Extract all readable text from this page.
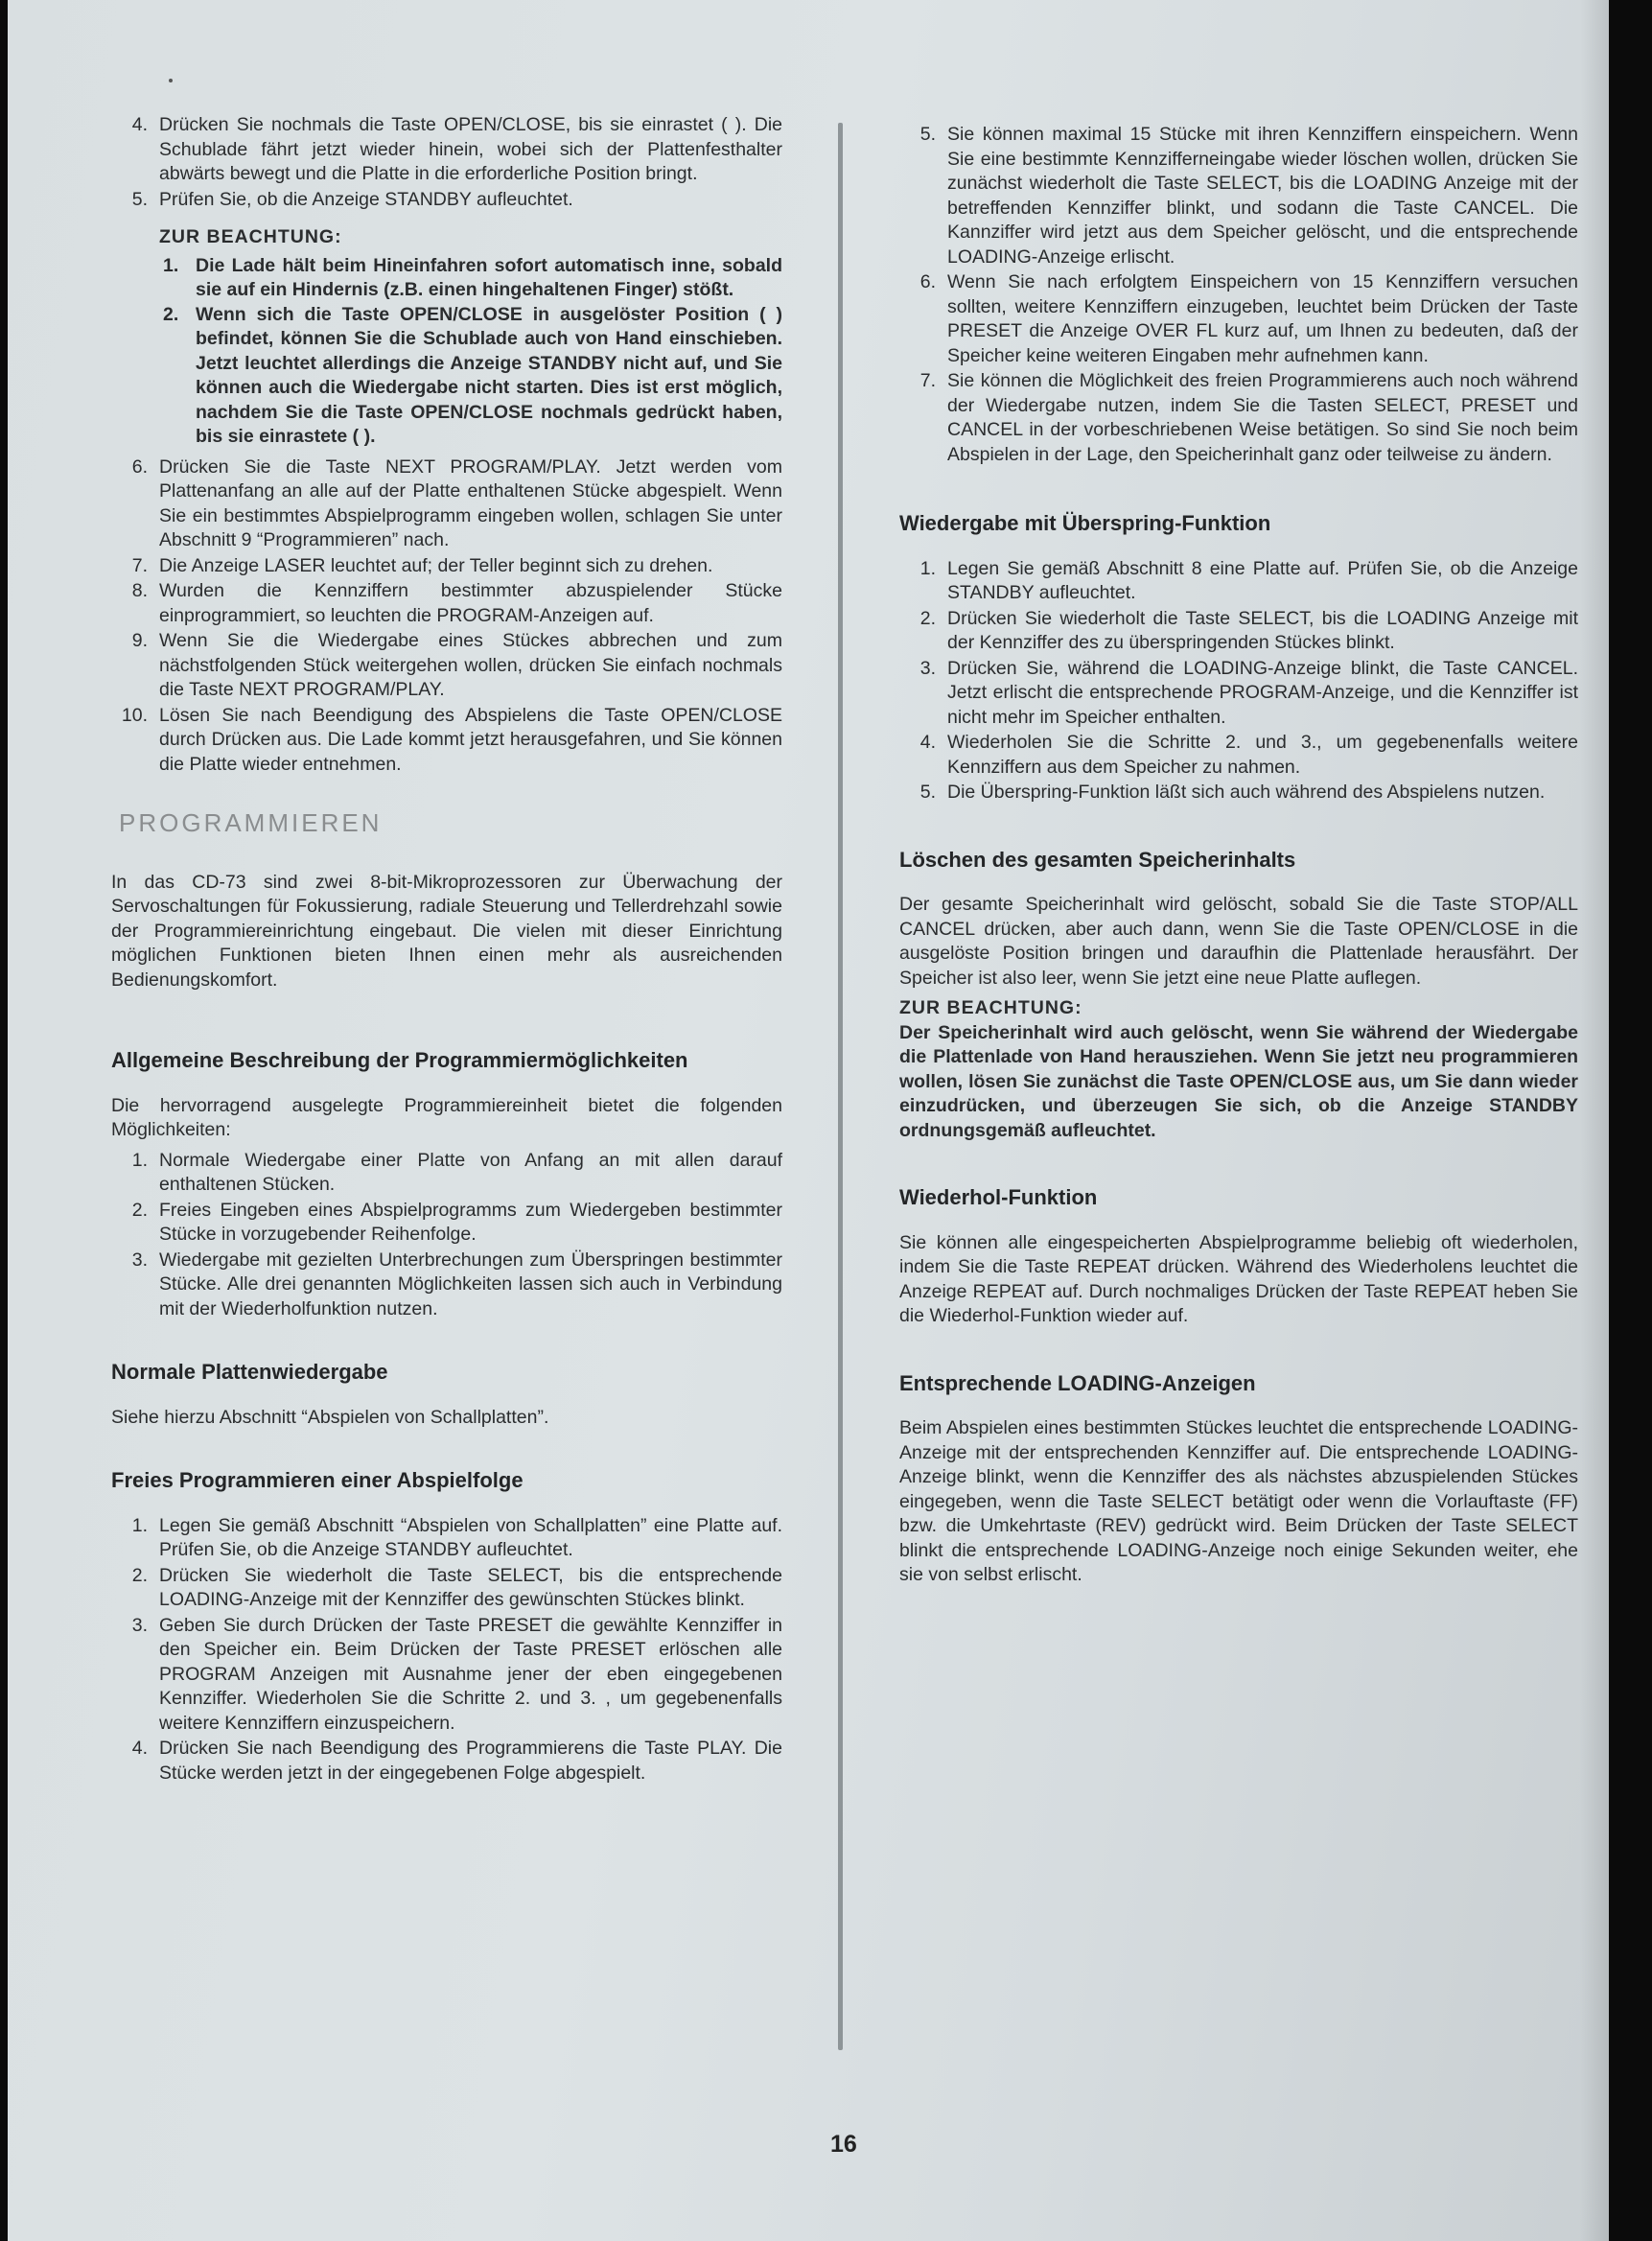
4. Drücken Sie nochmals die Taste OPEN/CLOSE, bis sie einrastet ( ). Die Schublade fährt jetzt wieder hinein, wobei sich der Plattenfesthalter abwärts bewegt und die Platte in die erforderliche Position bringt.
5. Prüfen Sie, ob die Anzeige STANDBY aufleuchtet.
ZUR BEACHTUNG:
1. Die Lade hält beim Hineinfahren sofort automatisch inne, sobald sie auf ein Hindernis (z.B. einen hingehaltenen Finger) stößt.
2. Wenn sich die Taste OPEN/CLOSE in ausgelöster Position ( ) befindet, können Sie die Schublade auch von Hand einschieben. Jetzt leuchtet allerdings die Anzeige STANDBY nicht auf, und Sie können auch die Wiedergabe nicht starten. Dies ist erst möglich, nachdem Sie die Taste OPEN/CLOSE nochmals gedrückt haben, bis sie einrastete ( ).
6. Drücken Sie die Taste NEXT PROGRAM/PLAY. Jetzt werden vom Plattenanfang an alle auf der Platte enthaltenen Stücke abgespielt. Wenn Sie ein bestimmtes Abspielprogramm eingeben wollen, schlagen Sie unter Abschnitt 9 “Programmieren” nach.
7. Die Anzeige LASER leuchtet auf; der Teller beginnt sich zu drehen.
8. Wurden die Kennziffern bestimmter abzuspielender Stücke einprogrammiert, so leuchten die PROGRAM-Anzeigen auf.
9. Wenn Sie die Wiedergabe eines Stückes abbrechen und zum nächstfolgenden Stück weitergehen wollen, drücken Sie einfach nochmals die Taste NEXT PROGRAM/PLAY.
10. Lösen Sie nach Beendigung des Abspielens die Taste OPEN/CLOSE durch Drücken aus. Die Lade kommt jetzt herausgefahren, und Sie können die Platte wieder entnehmen.
PROGRAMMIEREN

In das CD-73 sind zwei 8-bit-Mikroprozessoren zur Überwachung der Servoschaltungen für Fokussierung, radiale Steuerung und Tellerdrehzahl sowie der Programmiereinrichtung eingebaut. Die vielen mit dieser Einrichtung möglichen Funktionen bieten Ihnen einen mehr als ausreichenden Bedienungskomfort.

Allgemeine Beschreibung der Programmiermöglichkeiten

Die hervorragend ausgelegte Programmiereinheit bietet die folgenden Möglichkeiten:

1. Normale Wiedergabe einer Platte von Anfang an mit allen darauf enthaltenen Stücken.
2. Freies Eingeben eines Abspielprogramms zum Wiedergeben bestimmter Stücke in vorzugebender Reihenfolge.
3. Wiedergabe mit gezielten Unterbrechungen zum Überspringen bestimmter Stücke. Alle drei genannten Möglichkeiten lassen sich auch in Verbindung mit der Wiederholfunktion nutzen.
Normale Plattenwiedergabe

Siehe hierzu Abschnitt “Abspielen von Schallplatten”.

Freies Programmieren einer Abspielfolge
1. Legen Sie gemäß Abschnitt “Abspielen von Schallplatten” eine Platte auf. Prüfen Sie, ob die Anzeige STANDBY aufleuchtet.
2. Drücken Sie wiederholt die Taste SELECT, bis die entsprechende LOADING-Anzeige mit der Kennziffer des gewünschten Stückes blinkt.
3. Geben Sie durch Drücken der Taste PRESET die gewählte Kennziffer in den Speicher ein. Beim Drücken der Taste PRESET erlöschen alle PROGRAM Anzeigen mit Ausnahme jener der eben eingegebenen Kennziffer. Wiederholen Sie die Schritte 2. und 3. , um gegebenenfalls weitere Kennziffern einzuspeichern.
4. Drücken Sie nach Beendigung des Programmierens die Taste PLAY. Die Stücke werden jetzt in der eingegebenen Folge abgespielt.
5. Sie können maximal 15 Stücke mit ihren Kennziffern einspeichern. Wenn Sie eine bestimmte Kennzifferneingabe wieder löschen wollen, drücken Sie zunächst wiederholt die Taste SELECT, bis die LOADING Anzeige mit der betreffenden Kennziffer blinkt, und sodann die Taste CANCEL. Die Kannziffer wird jetzt aus dem Speicher gelöscht, und die entsprechende LOADING-Anzeige erlischt.
6. Wenn Sie nach erfolgtem Einspeichern von 15 Kennziffern versuchen sollten, weitere Kennziffern einzugeben, leuchtet beim Drücken der Taste PRESET die Anzeige OVER FL kurz auf, um Ihnen zu bedeuten, daß der Speicher keine weiteren Eingaben mehr aufnehmen kann.
7. Sie können die Möglichkeit des freien Programmierens auch noch während der Wiedergabe nutzen, indem Sie die Tasten SELECT, PRESET und CANCEL in der vorbeschriebenen Weise betätigen. So sind Sie noch beim Abspielen in der Lage, den Speicherinhalt ganz oder teilweise zu ändern.
Wiedergabe mit Überspring-Funktion
1. Legen Sie gemäß Abschnitt 8 eine Platte auf. Prüfen Sie, ob die Anzeige STANDBY aufleuchtet.
2. Drücken Sie wiederholt die Taste SELECT, bis die LOADING Anzeige mit der Kennziffer des zu überspringenden Stückes blinkt.
3. Drücken Sie, während die LOADING-Anzeige blinkt, die Taste CANCEL. Jetzt erlischt die entsprechende PROGRAM-Anzeige, und die Kennziffer ist nicht mehr im Speicher enthalten.
4. Wiederholen Sie die Schritte 2. und 3., um gegebenenfalls weitere Kennziffern aus dem Speicher zu nahmen.
5. Die Überspring-Funktion läßt sich auch während des Abspielens nutzen.
Löschen des gesamten Speicherinhalts

Der gesamte Speicherinhalt wird gelöscht, sobald Sie die Taste STOP/ALL CANCEL drücken, aber auch dann, wenn Sie die Taste OPEN/CLOSE in die ausgelöste Position bringen und daraufhin die Plattenlade herausfährt. Der Speicher ist also leer, wenn Sie jetzt eine neue Platte auflegen.

ZUR BEACHTUNG:

Der Speicherinhalt wird auch gelöscht, wenn Sie während der Wiedergabe die Plattenlade von Hand herausziehen. Wenn Sie jetzt neu programmieren wollen, lösen Sie zunächst die Taste OPEN/CLOSE aus, um Sie dann wieder einzudrücken, und überzeugen Sie sich, ob die Anzeige STANDBY ordnungsgemäß aufleuchtet.

Wiederhol-Funktion

Sie können alle eingespeicherten Abspielprogramme beliebig oft wiederholen, indem Sie die Taste REPEAT drücken. Während des Wiederholens leuchtet die Anzeige REPEAT auf. Durch nochmaliges Drücken der Taste REPEAT heben Sie die Wiederhol-Funktion wieder auf.

Entsprechende LOADING-Anzeigen

Beim Abspielen eines bestimmten Stückes leuchtet die entsprechende LOADING-Anzeige mit der entsprechenden Kennziffer auf. Die entsprechende LOADING-Anzeige blinkt, wenn die Kennziffer des als nächstes abzuspielenden Stückes eingegeben, wenn die Taste SELECT betätigt oder wenn die Vorlauftaste (FF) bzw. die Umkehrtaste (REV) gedrückt wird. Beim Drücken der Taste SELECT blinkt die entsprechende LOADING-Anzeige noch einige Sekunden weiter, ehe sie von selbst erlischt.

16
